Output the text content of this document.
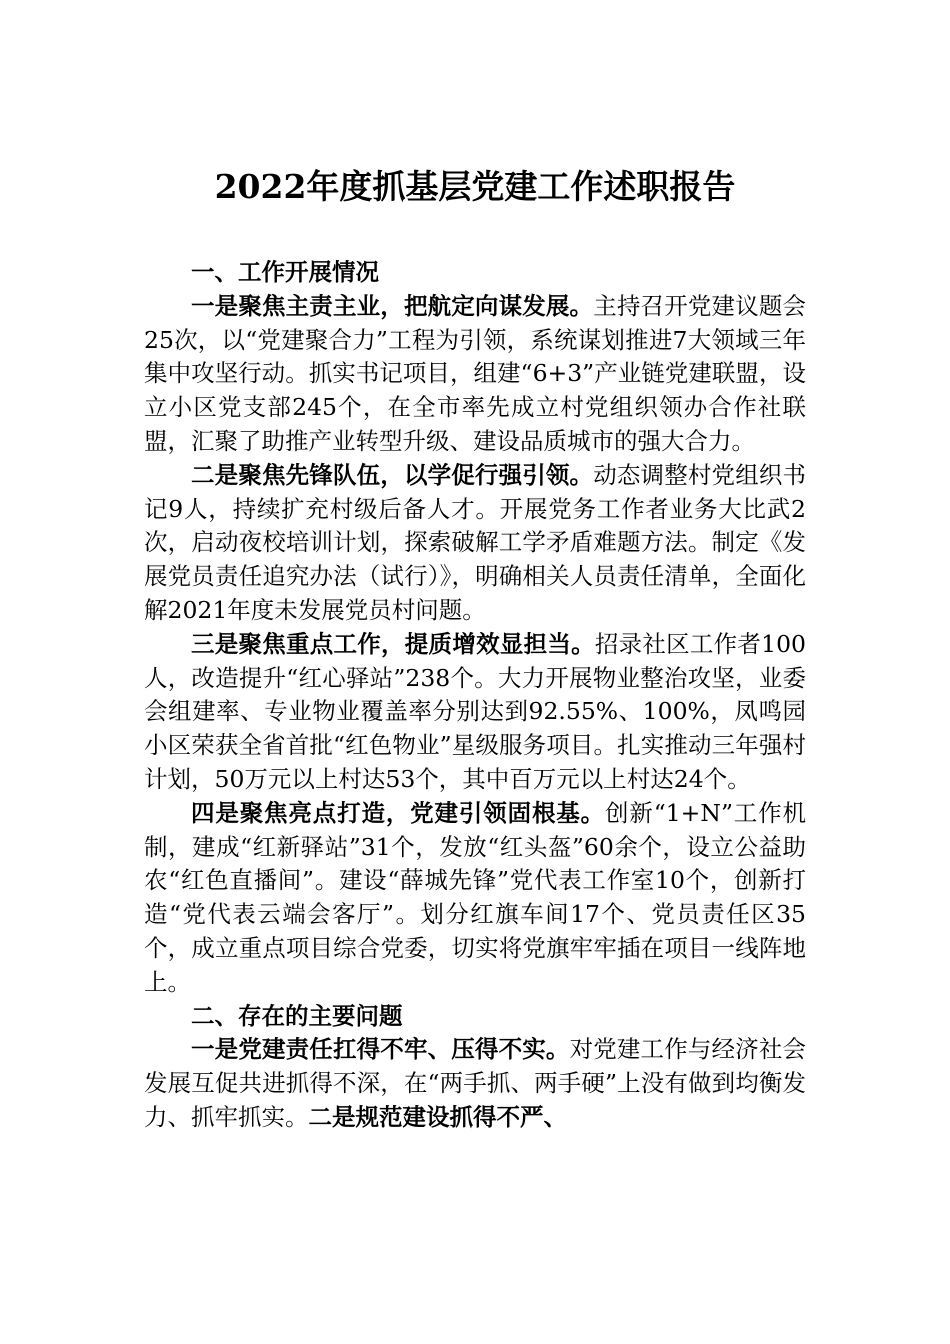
2022年度抓基层党建工作述职报告
一、工作开展情况

一是聚焦主责主业，把航定向谋发展。主持召开党建议题会25次，以“党建聚合力”工程为引领，系统谋划推进7大领域三年集中攻坚行动。抓实书记项目，组建“6+3”产业链党建联盟，设立小区党支部245个，在全市率先成立村党组织领办合作社联盟，汇聚了助推产业转型升级、建设品质城市的强大合力。

二是聚焦先锋队伍，以学促行强引领。动态调整村党组织书记9人，持续扩充村级后备人才。开展党务工作者业务大比武2次，启动夜校培训计划，探索破解工学矛盾难题方法。制定《发展党员责任追究办法（试行）》，明确相关人员责任清单，全面化解2021年度未发展党员村问题。

三是聚焦重点工作，提质增效显担当。招录社区工作者100人，改造提升“红心驿站”238个。大力开展物业整治攻坚，业委会组建率、专业物业覆盖率分别达到92.55%、100%，凤鸣园小区荣获全省首批“红色物业”星级服务项目。扎实推动三年强村计划，50万元以上村达53个，其中百万元以上村达24个。

四是聚焦亮点打造，党建引领固根基。创新“1+N”工作机制，建成“红新驿站”31个，发放“红头盔”60余个，设立公益助农“红色直播间”。建设“薛城先锋”党代表工作室10个，创新打造“党代表云端会客厅”。划分红旗车间17个、党员责任区35个，成立重点项目综合党委，切实将党旗牢牢插在项目一线阵地上。

二、存在的主要问题

一是党建责任扛得不牢、压得不实。对党建工作与经济社会发展互促共进抓得不深，在“两手抓、两手硬”上没有做到均衡发力、抓牢抓实。二是规范建设抓得不严、
